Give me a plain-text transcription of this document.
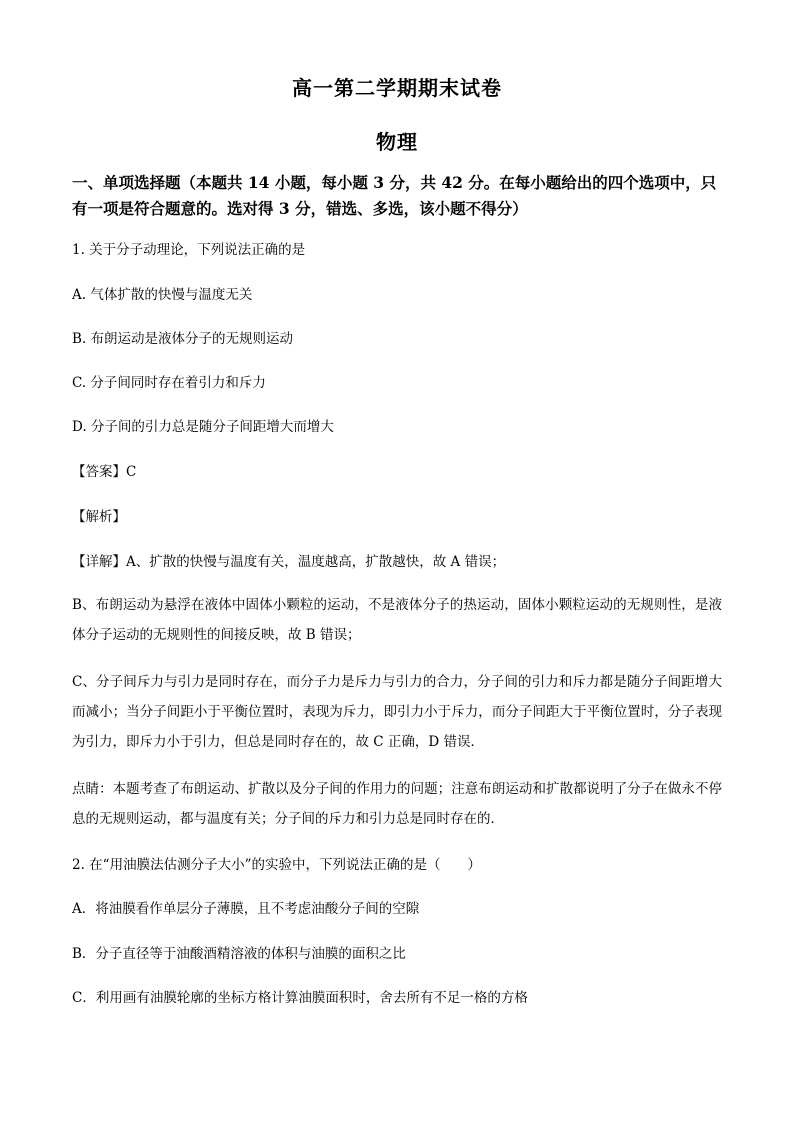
高一第二学期期末试卷
物理
一、单项选择题（本题共 14 小题，每小题 3 分，共 42 分。在每小题给出的四个选项中，只有一项是符合题意的。选对得 3 分，错选、多选，该小题不得分）
1. 关于分子动理论，下列说法正确的是
A. 气体扩散的快慢与温度无关
B. 布朗运动是液体分子的无规则运动
C. 分子间同时存在着引力和斥力
D. 分子间的引力总是随分子间距增大而增大
【答案】C
【解析】
【详解】A、扩散的快慢与温度有关，温度越高，扩散越快，故 A 错误；
B、布朗运动为悬浮在液体中固体小颗粒的运动，不是液体分子的热运动，固体小颗粒运动的无规则性，是液体分子运动的无规则性的间接反映，故 B 错误；
C、分子间斥力与引力是同时存在，而分子力是斥力与引力的合力，分子间的引力和斥力都是随分子间距增大而减小；当分子间距小于平衡位置时，表现为斥力，即引力小于斥力，而分子间距大于平衡位置时，分子表现为引力，即斥力小于引力，但总是同时存在的，故 C 正确，D 错误．
点睛：本题考查了布朗运动、扩散以及分子间的作用力的问题；注意布朗运动和扩散都说明了分子在做永不停息的无规则运动，都与温度有关；分子间的斥力和引力总是同时存在的．
2. 在“用油膜法估测分子大小”的实验中，下列说法正确的是（　　）
A．将油膜看作单层分子薄膜，且不考虑油酸分子间的空隙
B．分子直径等于油酸酒精溶液的体积与油膜的面积之比
C．利用画有油膜轮廓的坐标方格计算油膜面积时，舍去所有不足一格的方格
